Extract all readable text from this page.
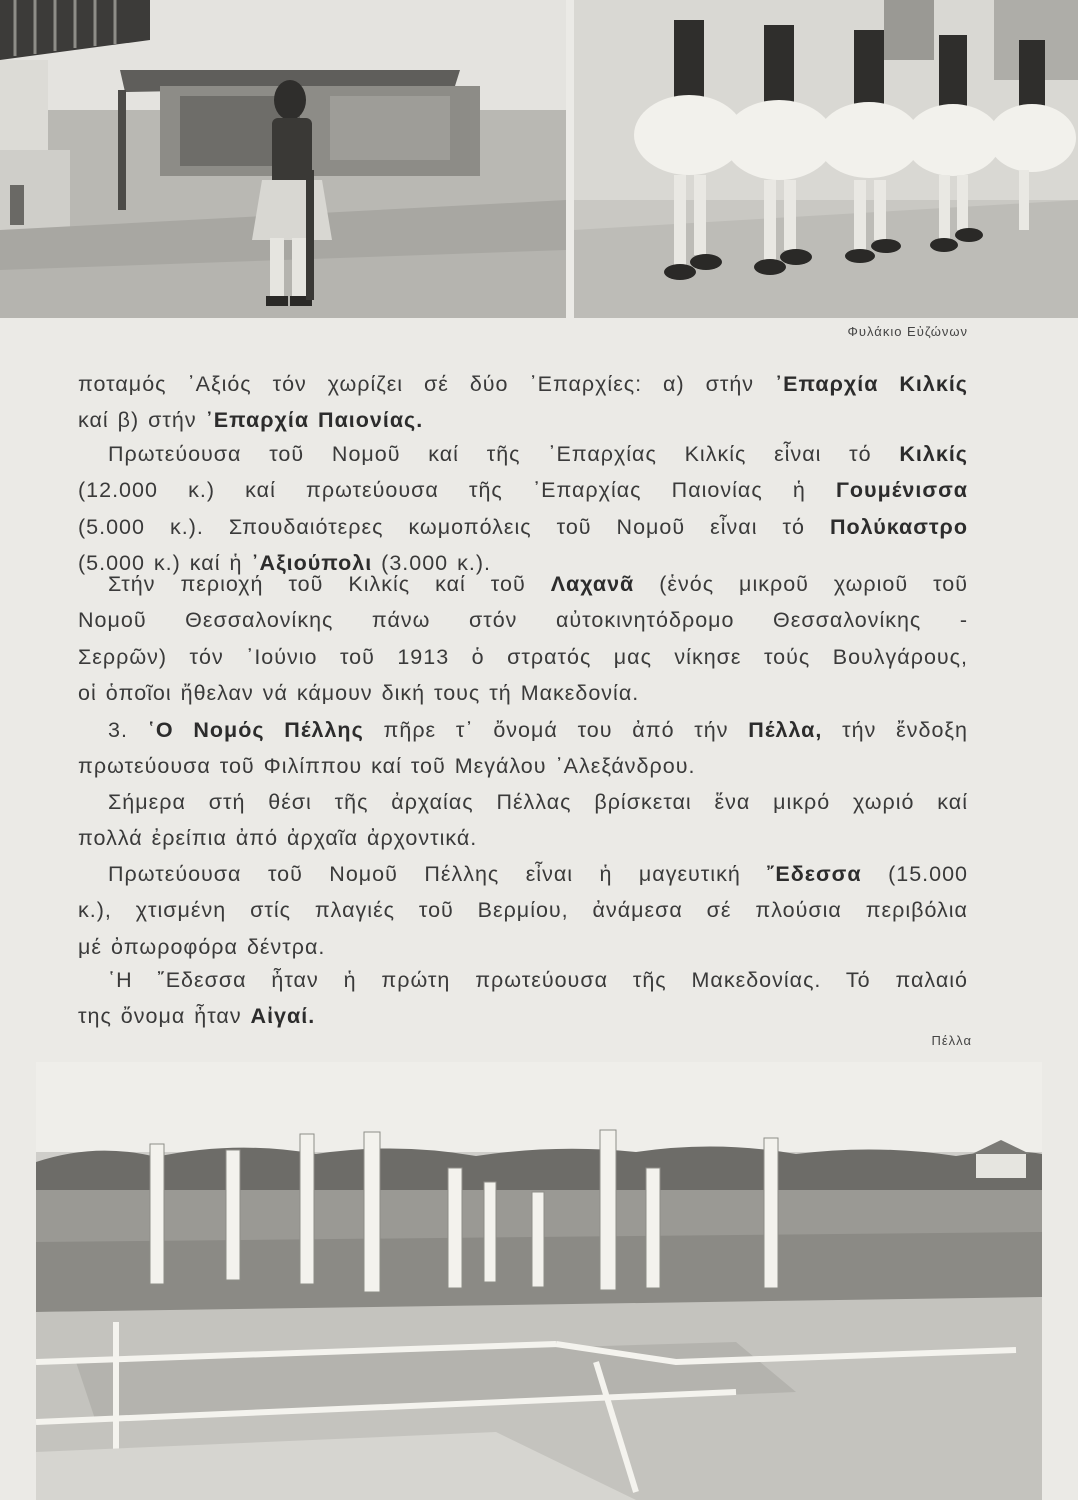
Φυλάκιο Εὐζώνων

ποταμός ᾿Αξιός τόν χωρίζει σέ δύο ᾿Επαρχίες: α) στήν ᾿Επαρχία Κιλκίς

καί β) στήν ᾿Επαρχία Παιονίας.

Πρωτεύουσα τοῦ Νομοῦ καί τῆς ᾿Επαρχίας Κιλκίς εἶναι τό Κιλκίς
(12.000 κ.) καί πρωτεύουσα τῆς ᾿Επαρχίας Παιονίας ἡ Γουμένισσα
(5.000 κ.). Σπουδαιότερες κωμοπόλεις τοῦ Νομοῦ εἶναι τό Πολύκαστρο

(5.000 κ.) καί ἡ ᾿Αξιούπολι (3.000 κ.).

Στήν περιοχή τοῦ Κιλκίς καί τοῦ Λαχανᾶ (ἑνός μικροῦ χωριοῦ τοῦ
Νομοῦ Θεσσαλονίκης πάνω στόν αὐτοκινητόδρομο Θεσσαλονίκης -
Σερρῶν) τόν ᾿Ιούνιο τοῦ 1913 ὁ στρατός μας νίκησε τούς Βουλγάρους,

οἱ ὁποῖοι ἤθελαν νά κάμουν δική τους τή Μακεδονία.

3. ῾Ο Νομός Πέλλης πῆρε τ᾿ ὄνομά του ἀπό τήν Πέλλα, τήν ἔνδοξη

πρωτεύουσα τοῦ Φιλίππου καί τοῦ Μεγάλου ᾿Αλεξάνδρου.

Σήμερα στή θέσι τῆς ἀρχαίας Πέλλας βρίσκεται ἕνα μικρό χωριό καί

πολλά ἐρείπια ἀπό ἀρχαῖα ἀρχοντικά.

Πρωτεύουσα τοῦ Νομοῦ Πέλλης εἶναι ἡ μαγευτική ῎Εδεσσα (15.000
κ.), χτισμένη στίς πλαγιές τοῦ Βερμίου, ἀνάμεσα σέ πλούσια περιβόλια

μέ ὀπωροφόρα δέντρα.

῾Η ῎Εδεσσα ἦταν ἡ πρώτη πρωτεύουσα τῆς Μακεδονίας. Τό παλαιό

της ὄνομα ἦταν Αἰγαί.

Πέλλα
